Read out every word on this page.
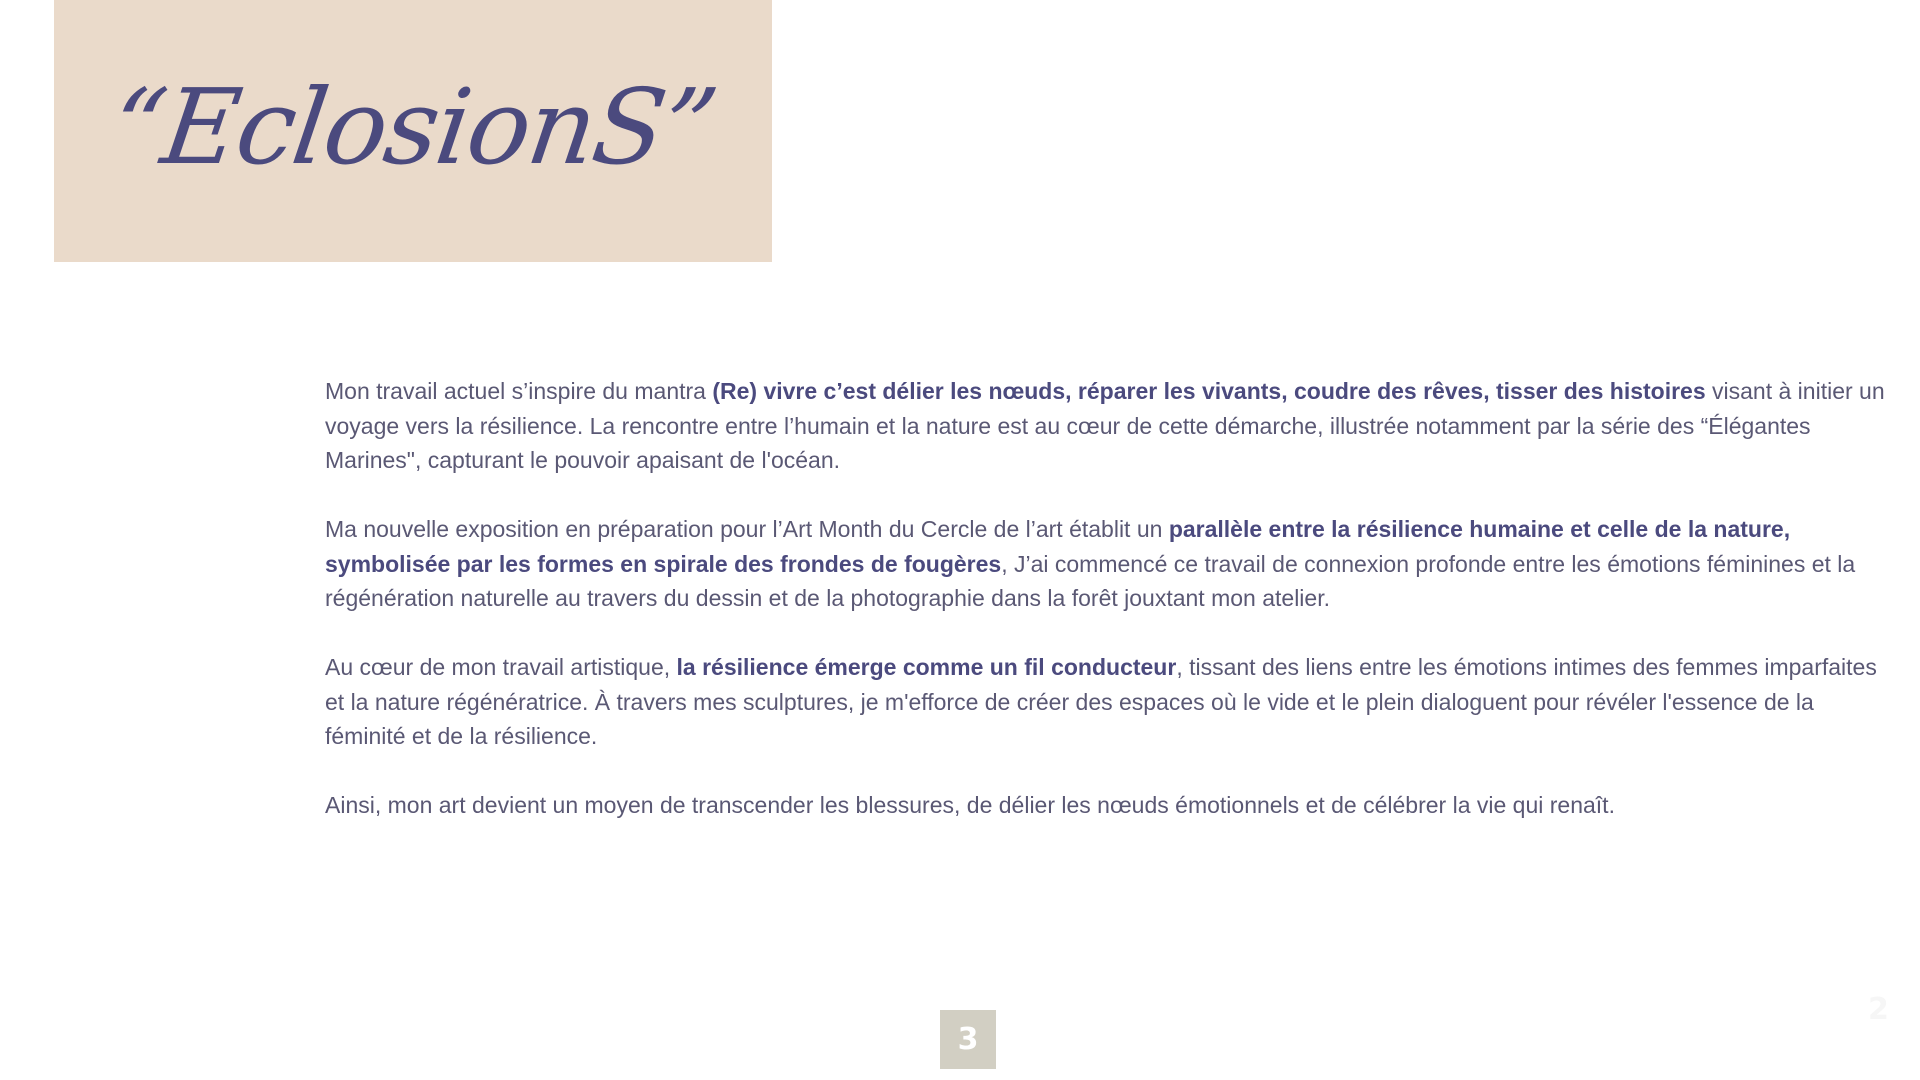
“EclosionS”

Mon travail actuel s’inspire du mantra (Re) vivre c’est délier les nœuds, réparer les vivants, coudre des rêves, tisser des histoires visant à initier un voyage vers la résilience. La rencontre entre l’humain et la nature est au cœur de cette démarche, illustrée notamment par la série des “Élégantes Marines", capturant le pouvoir apaisant de l'océan.

Ma nouvelle exposition en préparation pour l’Art Month du Cercle de l’art établit un parallèle entre la résilience humaine et celle de la nature, symbolisée par les formes en spirale des frondes de fougères, J’ai commencé ce travail de connexion profonde entre les émotions féminines et la régénération naturelle au travers du dessin et de la photographie dans la forêt jouxtant mon atelier.

Au cœur de mon travail artistique, la résilience émerge comme un fil conducteur, tissant des liens entre les émotions intimes des femmes imparfaites et la nature régénératrice. À travers mes sculptures, je m'efforce de créer des espaces où le vide et le plein dialoguent pour révéler l'essence de la féminité et de la résilience.

Ainsi, mon art devient un moyen de transcender les blessures, de délier les nœuds émotionnels et de célébrer la vie qui renaît.

3
2
